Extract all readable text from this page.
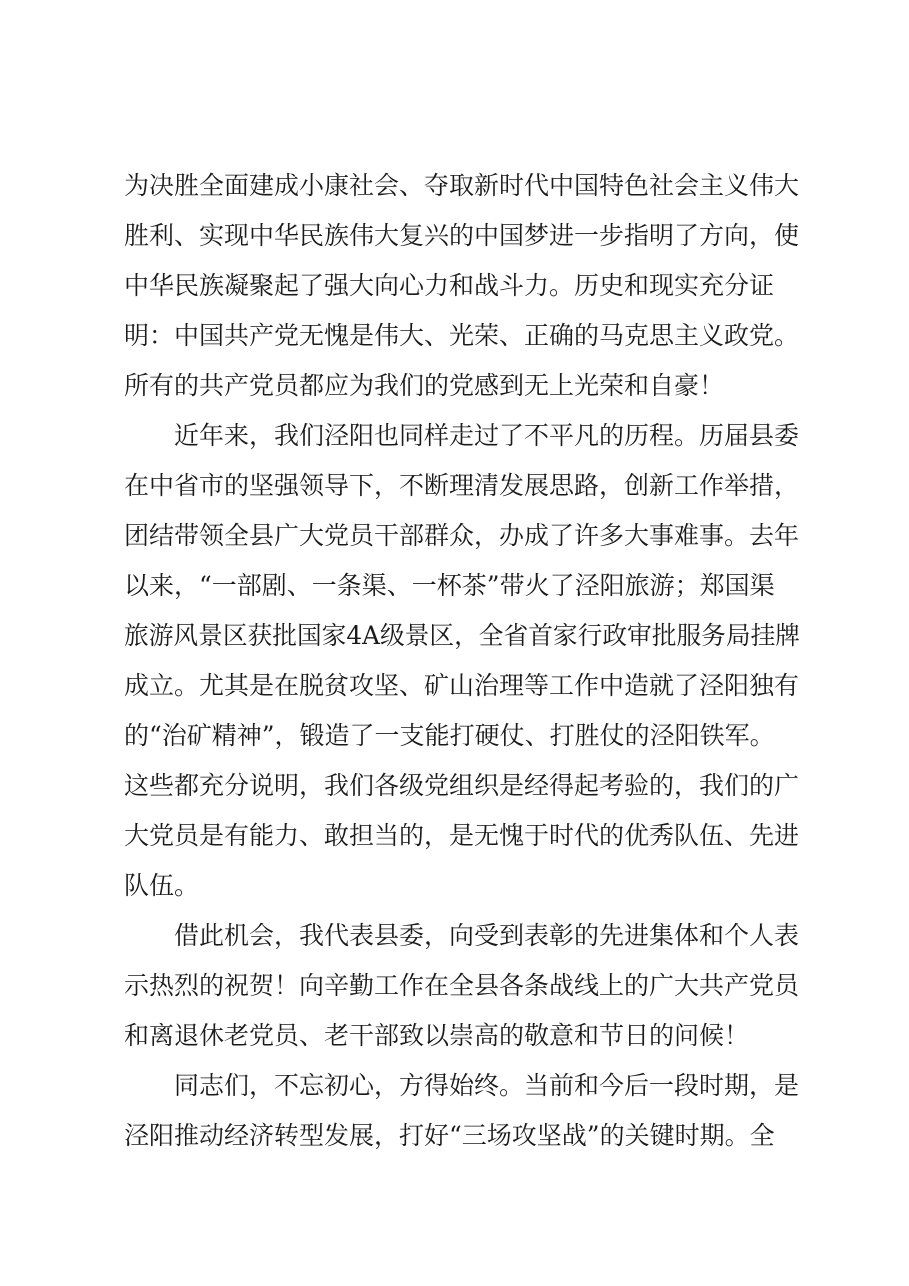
为决胜全面建成小康社会、夺取新时代中国特色社会主义伟大
胜利、实现中华民族伟大复兴的中国梦进一步指明了方向，使
中华民族凝聚起了强大向心力和战斗力。历史和现实充分证
明：中国共产党无愧是伟大、光荣、正确的马克思主义政党。
所有的共产党员都应为我们的党感到无上光荣和自豪！
近年来，我们泾阳也同样走过了不平凡的历程。历届县委
在中省市的坚强领导下，不断理清发展思路，创新工作举措，
团结带领全县广大党员干部群众，办成了许多大事难事。去年
以来，“一部剧、一条渠、一杯茶”带火了泾阳旅游；郑国渠
旅游风景区获批国家4A级景区，全省首家行政审批服务局挂牌
成立。尤其是在脱贫攻坚、矿山治理等工作中造就了泾阳独有
的“治矿精神”，锻造了一支能打硬仗、打胜仗的泾阳铁军。
这些都充分说明，我们各级党组织是经得起考验的，我们的广
大党员是有能力、敢担当的，是无愧于时代的优秀队伍、先进
队伍。
借此机会，我代表县委，向受到表彰的先进集体和个人表
示热烈的祝贺！向辛勤工作在全县各条战线上的广大共产党员
和离退休老党员、老干部致以崇高的敬意和节日的问候！
同志们，不忘初心，方得始终。当前和今后一段时期，是
泾阳推动经济转型发展，打好“三场攻坚战”的关键时期。全
